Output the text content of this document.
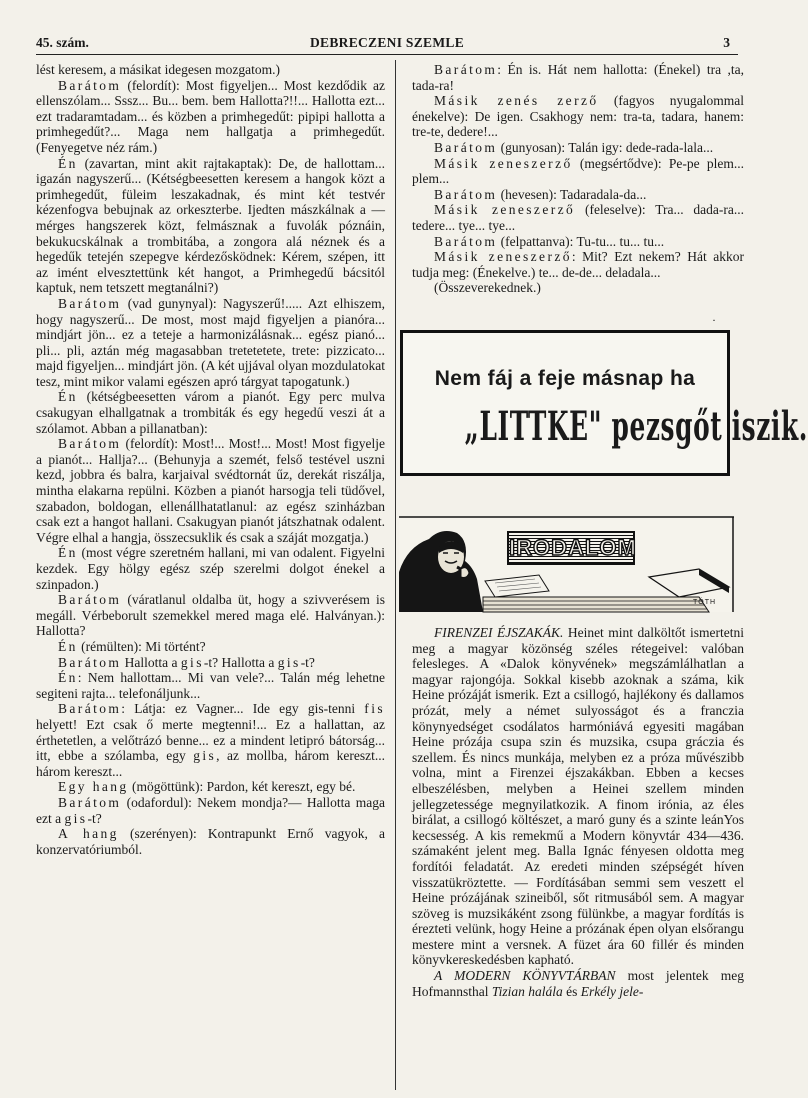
45. szám.	DEBRECZENI SZEMLE	3

lést keresem, a másikat idegesen mozgatom.)

Barátom (felordít): Most figyeljen... Most kezdődik az ellenszólam... Sssz... Bu... bem. bem Hallotta?!!... Hallotta ezt... ezt tradaramtadam... és közben a primhegedűt: pipipi hallotta a primhegedűt?... Maga nem hallgatja a primhegedűt. (Fenyegetve néz rám.)

Én (zavartan, mint akit rajtakaptak): De, de hallottam... igazán nagyszerű... (Kétségbeesetten keresem a hangok közt a primhegedűt, füleim leszakadnak, és mint két testvér kézenfogva bebujnak az orkeszterbe. Ijedten mászkálnak a — mérges hangszerek közt, felmásznak a fuvolák póznáin, bekukucskálnak a trombitába, a zongora alá néznek és a hegedűk tetején szepegve kérdezősködnek: Kérem, szépen, itt az imént elvesztettünk két hangot, a Primhegedű bácsitól kaptuk, nem tetszett megtanálni?)

Barátom (vad gunynyal): Nagyszerű!..... Azt elhiszem, hogy nagyszerű... De most, most majd figyeljen a pianóra... mindjárt jön... ez a teteje a harmonizálásnak... egész pianó... pli... pli, aztán még magasabban tretetetete, trete: pizzicato... majd figyeljen... mindjárt jön. (A két ujjával olyan mozdulatokat tesz, mint mikor valami egészen apró tárgyat tapogatunk.)

Én (kétségbeesetten várom a pianót. Egy perc mulva csakugyan elhallgatnak a trombiták és egy hegedű veszi át a szólamot. Abban a pillanatban):

Barátom (felordít): Most!... Most!... Most! Most figyelje a pianót... Hallja?... (Behunyja a szemét, felső testével uszni kezd, jobbra és balra, karjaival svédtornát űz, derekát riszálja, mintha elakarna repülni. Közben a pianót harsogja teli tüdővel, szabadon, boldogan, ellenállhatatlanul: az egész szinházban csak ezt a hangot hallani. Csakugyan pianót játszhatnak odalent. Végre elhal a hangja, összecsuklik és csak a száját mozgatja.)

Én (most végre szeretném hallani, mi van odalent. Figyelni kezdek. Egy hölgy egész szép szerelmi dolgot énekel a szinpadon.)

Barátom (váratlanul oldalba üt, hogy a szivverésem is megáll. Vérbeborult szemekkel mered maga elé. Halványan.): Hallotta?

Én (rémülten): Mi történt?

Barátom Hallotta a gis-t? Hallotta a gis-t?

Én: Nem hallottam... Mi van vele?... Talán még lehetne segiteni rajta... telefonáljunk...

Barátom: Látja: ez Vagner... Ide egy gis-tenni fis helyett! Ezt csak ő merte megtenni!... Ez a hallattan, az érthetetlen, a velőtrázó benne... ez a mindent letipró bátorság... itt, ebbe a szólamba, egy gis, az mollba, három kereszt... három kereszt...

Egy hang (mögöttünk): Pardon, két kereszt, egy bé.

Barátom (odafordul): Nekem mondja?— Hallotta maga ezt a gis-t?

A hang (szerényen): Kontrapunkt Ernő vagyok, a konzervatóriumból.

Barátom: Én is. Hát nem hallotta: (Énekel) tra ,ta, tada-ra!

Másik zenés zerző (fagyos nyugalommal énekelve): De igen. Csakhogy nem: tra-ta, tadara, hanem: tre-te, dedere!...

Barátom (gunyosan): Talán igy: dede-rada-lala...

Másik zeneszerző (megsértődve): Pe-pe plem... plem...

Barátom (hevesen): Tadaradala-da...

Másik zeneszerző (feleselve): Tra... dada-ra... tedere... tye... tye...

Barátom (felpattanva): Tu-tu... tu... tu...

Másik zeneszerző: Mit? Ezt nekem? Hát akkor tudja meg: (Énekelve.) te... de-de... deladala...

(Összeverekednek.)

·
Nem fáj a feje másnap ha
„LITTKE" pezsgőt iszik.
IRODALOM
TÓTH

FIRENZEI ÉJSZAKÁK. Heinet mint dalköltőt ismertetni meg a magyar közönség széles rétegeivel: valóban felesleges. A «Dalok könyvének» megszámlálhatlan a magyar rajongója. Sokkal kisebb azoknak a száma, kik Heine prózáját ismerik. Ezt a csillogó, hajlékony és dallamos prózát, mely a német sulyosságot és a franczia könynyedséget csodálatos harmóniává egyesiti magában Heine prózája csupa szin és muzsika, csupa gráczia és szellem. És nincs munkája, melyben ez a próza művészibb volna, mint a Firenzei éjszakákban. Ebben a kecses elbeszélésben, melyben a Heinei szellem minden jellegzetessége megnyilatkozik. A finom irónia, az éles birálat, a csillogó költészet, a maró guny és a szinte leánYos kecsesség. A kis remekmű a Modern könyvtár 434—436. számaként jelent meg. Balla Ignác fényesen oldotta meg fordítói feladatát. Az eredeti minden szépségét híven visszatükröztette. — Fordításában semmi sem veszett el Heine prózájának szineiből, sőt ritmusából sem. A magyar szöveg is muzsikáként zsong fülünkbe, a magyar fordítás is érezteti velünk, hogy Heine a prózának épen olyan elsőrangu mestere mint a versnek. A füzet ára 60 fillér és minden könyvkereskedésben kapható.

A MODERN KÖNYVTÁRBAN most jelentek meg Hofmannsthal Tizian halála és Erkély jele-
